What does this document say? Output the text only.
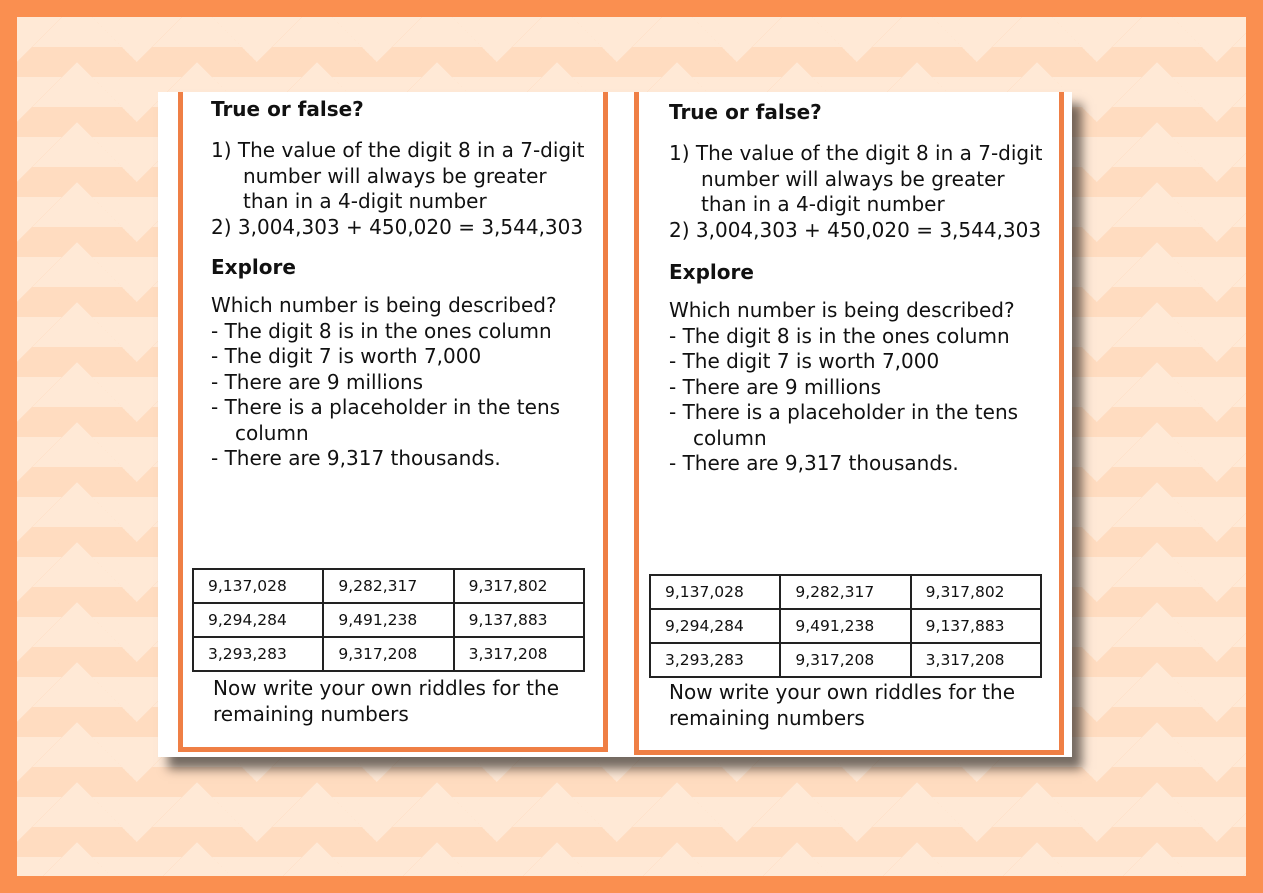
True or false?
1) The value of the digit 8 in a 7-digit number will always be greater than in a 4-digit number
2) 3,004,303 + 450,020 = 3,544,303
Explore
Which number is being described?
- The digit 8 is in the ones column
- The digit 7 is worth 7,000
- There are 9 millions
- There is a placeholder in the tens column
- There are 9,317 thousands.
9,137,028	9,282,317	9,317,802
9,294,284	9,491,238	9,137,883
3,293,283	9,317,208	3,317,208
Now write your own riddles for the remaining numbers
True or false?
1) The value of the digit 8 in a 7-digit number will always be greater than in a 4-digit number
2) 3,004,303 + 450,020 = 3,544,303
Explore
Which number is being described?
- The digit 8 is in the ones column
- The digit 7 is worth 7,000
- There are 9 millions
- There is a placeholder in the tens column
- There are 9,317 thousands.
9,137,028	9,282,317	9,317,802
9,294,284	9,491,238	9,137,883
3,293,283	9,317,208	3,317,208
Now write your own riddles for the remaining numbers
